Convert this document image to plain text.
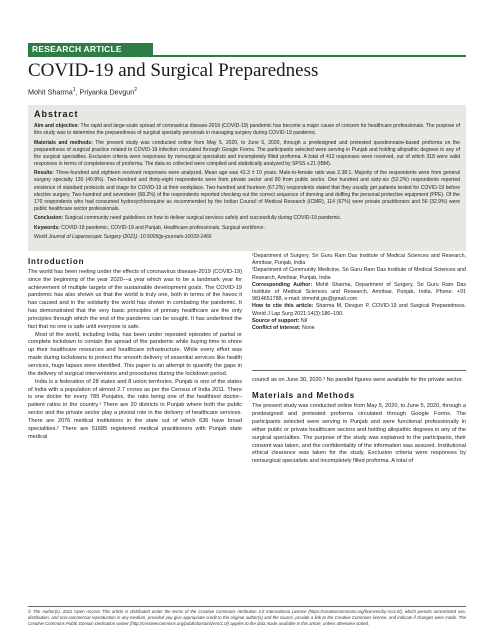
RESEARCH ARTICLE
COVID-19 and Surgical Preparedness
Mohit Sharma$^1$, Priyanka Devgun$^2$
Abstract

Aim and objective: The rapid and large-scale spread of coronavirus disease-2019 (COVID-19) pandemic has become a major cause of concern for healthcare professionals. The purpose of this study was to determine the preparedness of surgical specialty personals in managing surgery during COVID-19 pandemic.

Materials and methods: The present study was conducted online from May 5, 2020, to June 5, 2020, through a predesigned and pretested questionnaire-based proforma on the preparedness of surgical practice related to COVID-19 infection circulated through Google Forms. The participants selected were serving in Punjab and holding allopathic degrees in any of the surgical specialties. Exclusion criteria were responses by nonsurgical specialists and incompletely filled proforma. A total of 412 responses were received, out of which 318 were valid responses in terms of completeness of proforma. The data so collected were compiled and statistically analyzed by SPSS v.21 (IBM).

Results: Three-hundred and eighteen received responses were analyzed. Mean age was 42.3 ± 10 years. Male-to-female ratio was 2.38:1. Majority of the respondents were from general surgery specialty 130 (40.8%). Two-hundred and thirty-eight respondents were from private sector and 80 from public sector. One hundred and sixty-six (52.2%) respondents reported existence of standard protocols and triage for COVID-19 at their workplace. Two-hundred and fourteen (67.2%) respondents stated that they usually get patients tested for COVID-19 before elective surgery. Two-hundred and seventeen (68.2%) of the respondents reported checking out the correct sequence of donning and doffing the personal protective equipment (PPE). Of the 170 respondents who had consumed hydroxychloroquine as recommended by the Indian Council of Medical Research (ICMR), 114 (67%) were private practitioners and 56 (32.9%) were public healthcare sector professionals.

Conclusion: Surgical community need guidelines on how to deliver surgical services safely and successfully during COVID-19 pandemic.

Keywords: COVID-19 pandemic, COVID-19 and Punjab, Healthcare professionals, Surgical workforce.

World Journal of Laparoscopic Surgery (2021): 10.5005/jp-journals-10033-1466

Introduction

The world has been reeling under the effects of coronavirus disease-2019 (COVID-19) since the beginning of the year 2020—a year which was to be a landmark year for achievement of multiple targets of the sustainable development goals. The COVID-19 pandemic has also shown us that the world is truly one, both in terms of the havoc it has caused and in the solidarity the world has shown in combating the pandemic. It has demonstrated that the very basic principles of primary healthcare are the only principles through which the end of the pandemic can be sought. It has underlined the fact that no one is safe until everyone is safe.

Most of the world, including India, has been under repeated episodes of partial or complete lockdown to contain the spread of the pandemic while buying time to shore up their healthcare resources and healthcare infrastructure. While every effort was made during lockdowns to protect the smooth delivery of essential services like health services, huge lapses were identified. This paper is an attempt to quantify the gaps in the delivery of surgical interventions and procedures during the lockdown period.

India is a federation of 28 states and 8 union territories. Punjab is one of the states of India with a population of almost 2.7 crores as per the Census of India 2011. There is one doctor for every 789 Punjabis, the ratio being one of the healthiest doctor–patient ratios in the country.¹ There are 20 districts in Punjab where both the public sector and the private sector play a pivotal role in the delivery of healthcare services. There are 2076 medical institutions in the state out of which 636 have broad specialities.² There are 51685 registered medical practitioners with Punjab state medical

¹Department of Surgery, Sri Guru Ram Das Institute of Medical Sciences and Research, Amritsar, Punjab, India

²Department of Community Medicine, Sri Guru Ram Das Institute of Medical Sciences and Research, Amritsar, Punjab, India

Corresponding Author: Mohit Sharma, Department of Surgery, Sri Guru Ram Das Institute of Medical Sciences and Research, Amritsar, Punjab, India, Phone: +91 9814651788, e-mail: drmohit.gis@gmail.com

How to cite this article: Sharma M, Devgun P. COVID-19 and Surgical Preparedness. World J Lap Surg 2021;14(3):186–190.

Source of support: Nil

Conflict of interest: None

council as on June 30, 2020.³ No parallel figures were available for the private sector.

Materials and Methods

The present study was conducted online from May 5, 2020, to June 5, 2020, through a predesigned and pretested proforma circulated through Google Forms. The participants selected were serving in Punjab and were functional professionally in either public or private healthcare sectors and holding allopathic degrees in any of the surgical specialties. The purpose of the study was explained to the participants, their consent was taken, and the confidentiality of the information was assured. Institutional ethical clearance was taken for the study. Exclusion criteria were responses by nonsurgical specialists and incompletely filled proforma. A total of

© The Author(s). 2021 Open Access This article is distributed under the terms of the Creative Commons Attribution 4.0 International License (https://creativecommons.org/licenses/by-nc/4.0/), which permits unrestricted use, distribution, and non-commercial reproduction in any medium, provided you give appropriate credit to the original author(s) and the source, provide a link to the Creative Commons license, and indicate if changes were made. The Creative Commons Public Domain Dedication waiver (http://creativecommons.org/publicdomain/zero/1.0/) applies to the data made available in this article, unless otherwise stated.
